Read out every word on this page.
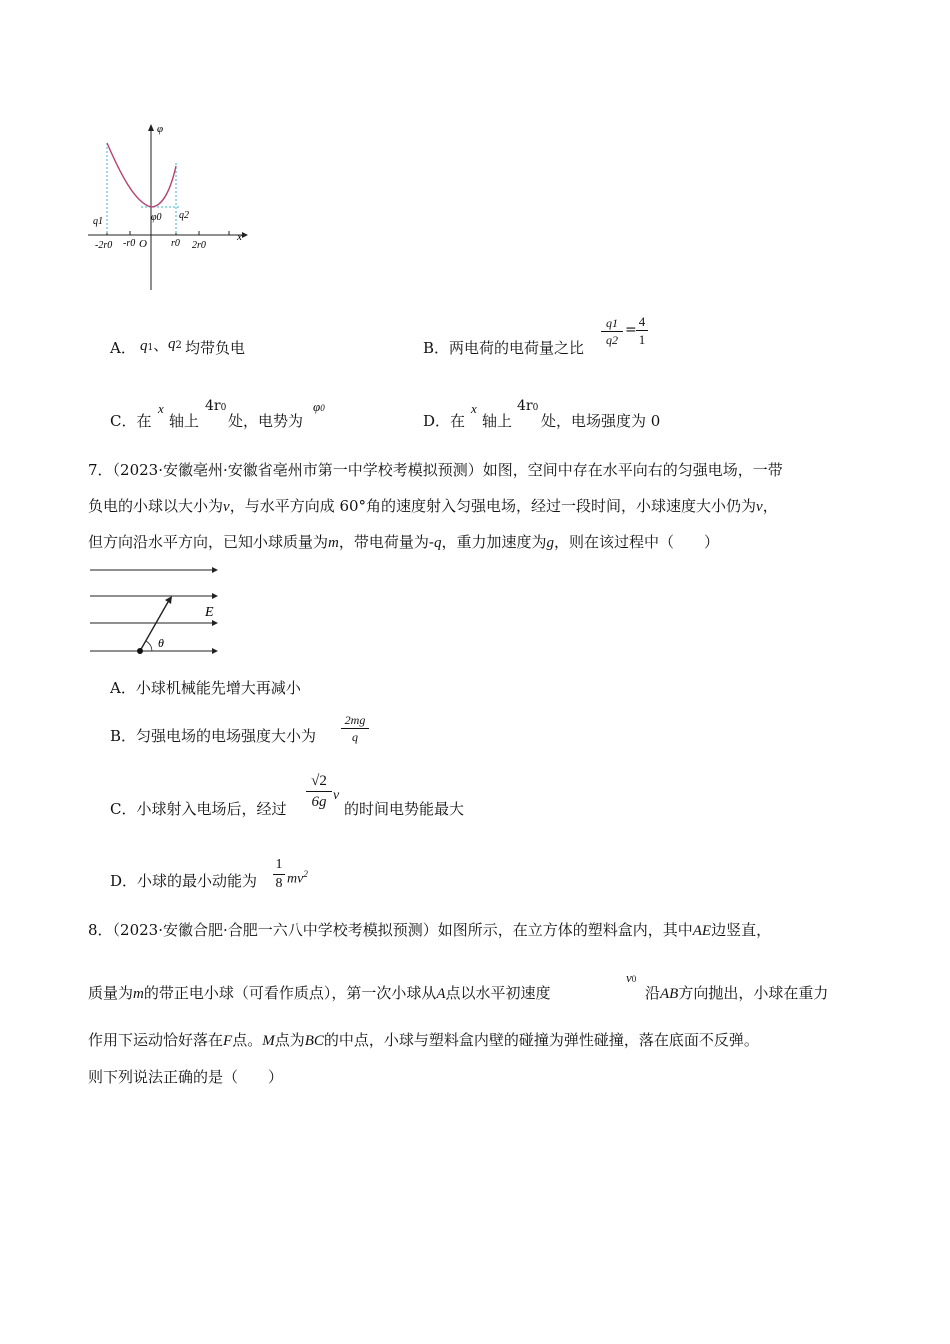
φ
x
φ0
q1
q2
-2r0 -r0 O r0 2r0
A． q1、 q2 均带负电	B．两电荷的电荷量之比 $\frac{q1}{q2} = \frac{4}{1}$
C．在
x
轴上
4r0
处，电势为
φ0
D．在
x
轴上
4r0
处，电场强度为 0
7．（2023·安徽亳州·安徽省亳州市第一中学校考模拟预测）如图，空间中存在水平向右的匀强电场，一带
负电的小球以大小为v，与水平方向成 60°角的速度射入匀强电场，经过一段时间，小球速度大小仍为v，
但方向沿水平方向，已知小球质量为m，带电荷量为-q，重力加速度为g，则在该过程中（　　）
E
θ
A．小球机械能先增大再减小
B．匀强电场的电场强度大小为 $\frac{2mg}{q}$
C．小球射入电场后，经过 $\frac{√2}{6g}$ v
的时间电势能最大
D．小球的最小动能为 $\frac{1}{8} mv^2$
8．（2023·安徽合肥·合肥一六八中学校考模拟预测）如图所示，在立方体的塑料盒内，其中AE边竖直，
质量为m的带正电小球（可看作质点），第一次小球从A点以水平初速度
v0
沿AB方向抛出，小球在重力
作用下运动恰好落在F点。M点为BC的中点，小球与塑料盒内壁的碰撞为弹性碰撞，落在底面不反弹。
则下列说法正确的是（　　）
